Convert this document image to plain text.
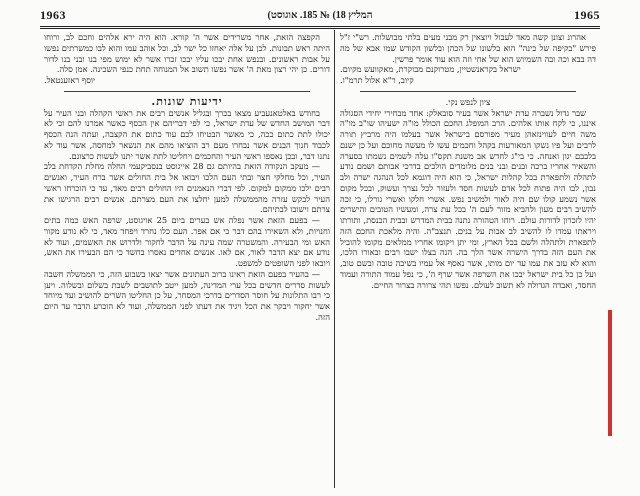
1963	המליץ 18) № 185. אוגוסט)	1965

אהרונ וצונן קשה מאד לעבול ויוצאין רק מבני מעים בלתי מבושלות. רש"י ז"ל פירש "בקיפה של כינה" הוא בלשונו של הכהן ובלשון הקודש שמו אבא של מה דה בבא וכה ובה השמיוש הוא של אחי וזה הוא עוד אומר פרשין.

ישראל בקראנשטיין, מטרוקנם מבוקרת, מאקוועש מקיום.

קיוב, ר"א אלול תרמ"ו.

ציון לנפש נקי.

שבר גדול נשברה עדת ישראל אשר בעיר סובאלק: אחד מבחירי יחידי הסגולה איננו, כי לקח אותו אלהים. הרב המופלג החכם הכולל מו"ה ישעיהו שו"ב מו"ה משה חיים לעווינזאהן מעיר מפורסם בישראל אשר בעלמו היה מרביץ תורה לרבים ועל פיו נשקו המאורעות בקהל וחכמים עשו לו מעשה מחוכם ועל כן ישנם בלבבם יגון ואנחה. כי בי"ג לחדש אב משנת תקס"ו עלה לשמים נשמתו בסערה והשאיר אחריו ברכה ובנים ובני בנים מלומדים הולכים בדרכי אבותם ושמם נודע לתהלה ולתפארת בכל קהלות ישראל, כי הוא היה דוגמא לכל הנהגה ישרה ולב נבון, לבו היה פתוח לכל אדם לעשות חסד ולעזור לכל נצרך ועשוק, ובכל מקום אשר נשמע קולו שם היה לאור ולמשיב נפש. אשרי חלקו ואשרי גורלו, כי זכה להשיב רבים מעון ולהביא מזור לעם ה' בכל עת צרה, ומעשיו הטובים והישרים יהיו לזכרון לדורות עולם. רוחו הטהורה נתנה בבית המדרש ובבית הכנסת, ותורתו ויראתו עמדו לו להשיב לב אבות על בנים. תנצב"ה. והיה מלאכת החכם הזה לתפארת ולתהלה ולשם בכל הארץ, ומי יתן ויקומו אחריו ממלאים מקומו להוביל את העם הזה בדרך הישרה אשר הלך בה. הנה בצלו ישבו רבים ובאורו הלכו, והוא לא עזב את עמו עד יום מותו, אשר נאסף אל עמיו בשיבה טובה ובשם טוב, ועל כן כל בית ישראל יבכו את השרפה אשר שרף ה', כי נפל עמוד התורה ועמוד החסד, ואבדה הגדולה לא תשוב לעולם. נפשו תהי צרורה בצרור החיים.

הקפצה הזאת, אחר משרידים אשר ה' קורא. הוא היה ירא אלהים וחכם לב, ורוחו היתה ראש תבונות. לכן על אלה יאחזו כל ישר לב, וכל אוהב עמו והוא לבו כמשרתים נפשו על אבות ראשונים. ובנפש אחת יבכו עליו יבכו זכרו אשר לא ימוש מפי בנו ובני בנו לדור דורים. כן יהי רצון מאת ה' אשר נפשו תשוב אל המנוחה תחת כנפי השכינה. אמן סלה.

יוסף ראזענטאל.

ידיעות שונות.

בחודש באלטאנעביע מצאו בכרך ובגליל אנשים רבים את ראשי הקהלה ובני העיר על דבר המושב החדש של עדת ישראל, כי לפי דבריהם אין הכסף כאשר אמרנו להם וכי לא יכולו לתת כתום ככה, כי מאשר הבטיחו לכם עוד כתום את הקצבה, ועתה הנה הכסף לכבוד חנוך הבנים אשר נבחרו מעם רב הוציאו מהם את הנשאר למחסה, אשר עוד לא נתנו דבר, ובכן נאספו ראשי העיר והחכמים ויחליטו לתת אשר יתנו לעשות כרצונם.

— מעקב הנקודה הזאת בהיותם גם 28 אייגוסט בנסביקעמי החלה מחלת הקדחת בלב העיר, וכל מחלקי חצר ובתי העם הלכו ויבואו אל בית החולים אשר ברח העיר, ואנשים רבים ילכו ממקום למקום. לפי דברי הנאמנים היו החולים רבים מאד, עד כי הוכרחו ראשי העיר לבקש עזרה מהממשלה למען יחלצו את העם מצרתם. אנשים רבים הרגישו את צרתם וישובו לבתיהם.

— בפעם הזאת אשר נפלה אש בערים ביום 25 אויגוסט, שרפה האש כמה בתים וחנויות, ולא השאירו בהם דבר כי אם אפר. העם כלו נחרד ויפחד מאד, כי לא נודע מקור האש ומי הבעירה. והמשטרה שמה עינה על הדבר לחקור ולדרוש את האשמים, ועוד לא נודע אם יצא הדבר לאור, אם לאו. אנשים אחדים נאסרו בחשד כי הם הבעירו את האש, ויובאו לפני השופטים למשפט.

— בהעיר בפעם הזאת ראינו ברוב העתונים אשר יצאו בשבוע הזה, כי הממשלה חשבה לעשות סדרים חדשים בכל ערי המדינה, למען ייטב לתושבים לשבת בשלום ובשלוה. ויען כי רבו התלונות על חוסר הסדרים בדרכי המסחר, על כן החליטו השרים להושיב ועד מיוחד אשר יחקור ויבקר את הכל ויגיד את דעתו לפני הממשלה, ועוד לא הוכרע הדבר עד היום הזה.
